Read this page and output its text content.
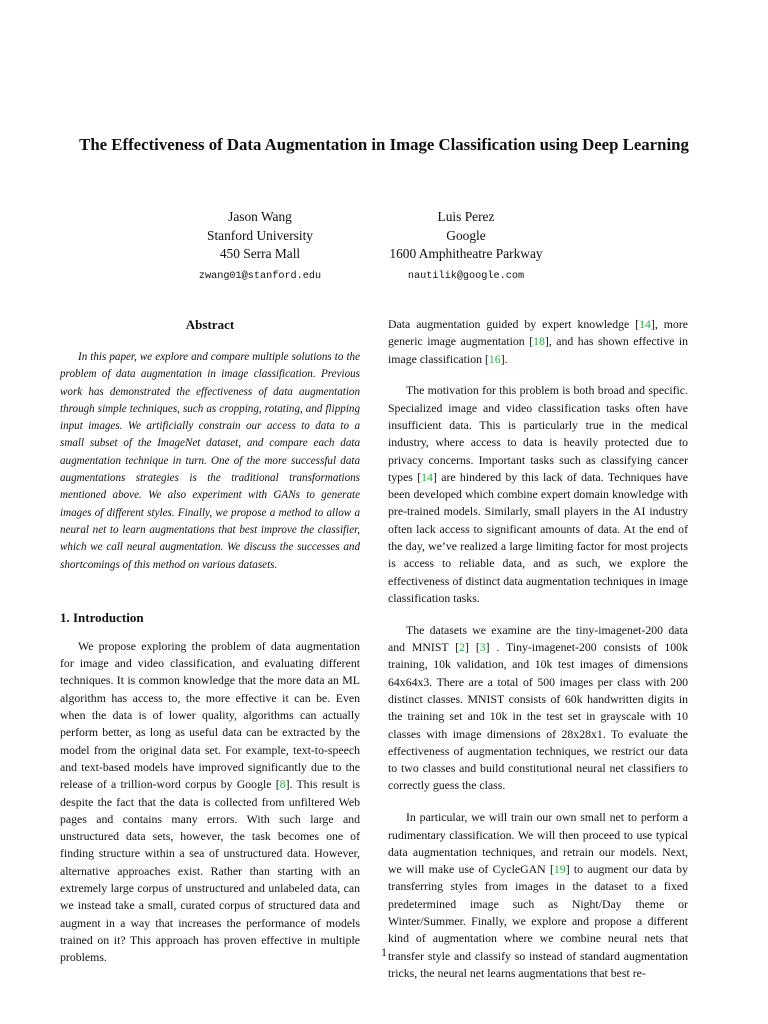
The Effectiveness of Data Augmentation in Image Classification using Deep Learning
Jason Wang
Stanford University
450 Serra Mall
zwang01@stanford.edu
Luis Perez
Google
1600 Amphitheatre Parkway
nautilik@google.com
Abstract

In this paper, we explore and compare multiple solutions to the problem of data augmentation in image classification. Previous work has demonstrated the effectiveness of data augmentation through simple techniques, such as cropping, rotating, and flipping input images. We artificially constrain our access to data to a small subset of the ImageNet dataset, and compare each data augmentation technique in turn. One of the more successful data augmentations strategies is the traditional transformations mentioned above. We also experiment with GANs to generate images of different styles. Finally, we propose a method to allow a neural net to learn augmentations that best improve the classifier, which we call neural augmentation. We discuss the successes and shortcomings of this method on various datasets.

1. Introduction

We propose exploring the problem of data augmentation for image and video classification, and evaluating different techniques. It is common knowledge that the more data an ML algorithm has access to, the more effective it can be. Even when the data is of lower quality, algorithms can actually perform better, as long as useful data can be extracted by the model from the original data set. For example, text-to-speech and text-based models have improved significantly due to the release of a trillion-word corpus by Google [8]. This result is despite the fact that the data is collected from unfiltered Web pages and contains many errors. With such large and unstructured data sets, however, the task becomes one of finding structure within a sea of unstructured data. However, alternative approaches exist. Rather than starting with an extremely large corpus of unstructured and unlabeled data, can we instead take a small, curated corpus of structured data and augment in a way that increases the performance of models trained on it? This approach has proven effective in multiple problems.

Data augmentation guided by expert knowledge [14], more generic image augmentation [18], and has shown effective in image classification [16].

The motivation for this problem is both broad and specific. Specialized image and video classification tasks often have insufficient data. This is particularly true in the medical industry, where access to data is heavily protected due to privacy concerns. Important tasks such as classifying cancer types [14] are hindered by this lack of data. Techniques have been developed which combine expert domain knowledge with pre-trained models. Similarly, small players in the AI industry often lack access to significant amounts of data. At the end of the day, we’ve realized a large limiting factor for most projects is access to reliable data, and as such, we explore the effectiveness of distinct data augmentation techniques in image classification tasks.

The datasets we examine are the tiny-imagenet-200 data and MNIST [2] [3] . Tiny-imagenet-200 consists of 100k training, 10k validation, and 10k test images of dimensions 64x64x3. There are a total of 500 images per class with 200 distinct classes. MNIST consists of 60k handwritten digits in the training set and 10k in the test set in grayscale with 10 classes with image dimensions of 28x28x1. To evaluate the effectiveness of augmentation techniques, we restrict our data to two classes and build constitutional neural net classifiers to correctly guess the class.

In particular, we will train our own small net to perform a rudimentary classification. We will then proceed to use typical data augmentation techniques, and retrain our models. Next, we will make use of CycleGAN [19] to augment our data by transferring styles from images in the dataset to a fixed predetermined image such as Night/Day theme or Winter/Summer. Finally, we explore and propose a different kind of augmentation where we combine neural nets that transfer style and classify so instead of standard augmentation tricks, the neural net learns augmentations that best re-

1
